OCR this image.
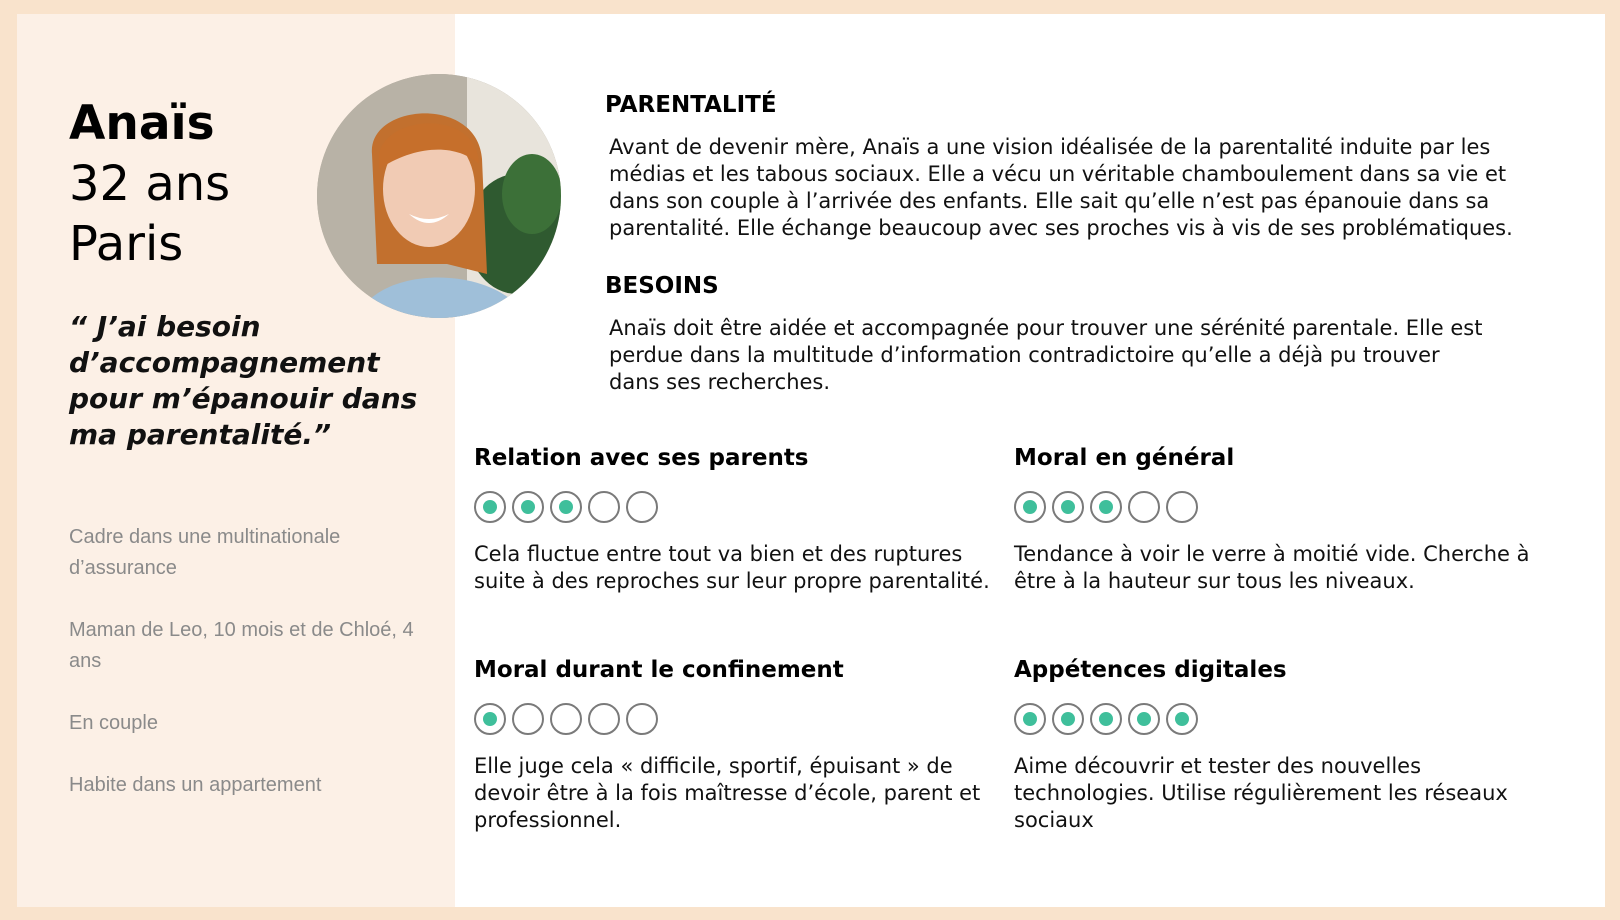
Anaïs
32 ans
Paris
“ J’ai besoin d’accompagnement pour m’épanouir dans ma parentalité.”
Cadre dans une multinationale d’assurance
Maman de Leo, 10 mois et de Chloé, 4 ans
En couple
Habite dans un appartement
PARENTALITÉ
Avant de devenir mère, Anaïs a une vision idéalisée de la parentalité induite par les médias et les tabous sociaux. Elle a vécu un véritable chamboulement dans sa vie et dans son couple à l’arrivée des enfants. Elle sait qu’elle n’est pas épanouie dans sa parentalité. Elle échange beaucoup avec ses proches vis à vis de ses problématiques.
BESOINS
Anaïs doit être aidée et accompagnée pour trouver une sérénité parentale. Elle est perdue dans la multitude d’information contradictoire qu’elle a déjà pu trouver dans ses recherches.
Relation avec ses parents
Cela fluctue entre tout va bien et des ruptures suite à des reproches sur leur propre parentalité.
Moral en général
Tendance à voir le verre à moitié vide. Cherche à être à la hauteur sur tous les niveaux.
Moral durant le confinement
Elle juge cela « difficile, sportif, épuisant » de devoir être à la fois maîtresse d’école, parent et professionnel.
Appétences digitales
Aime découvrir et tester des nouvelles technologies. Utilise régulièrement les réseaux sociaux
